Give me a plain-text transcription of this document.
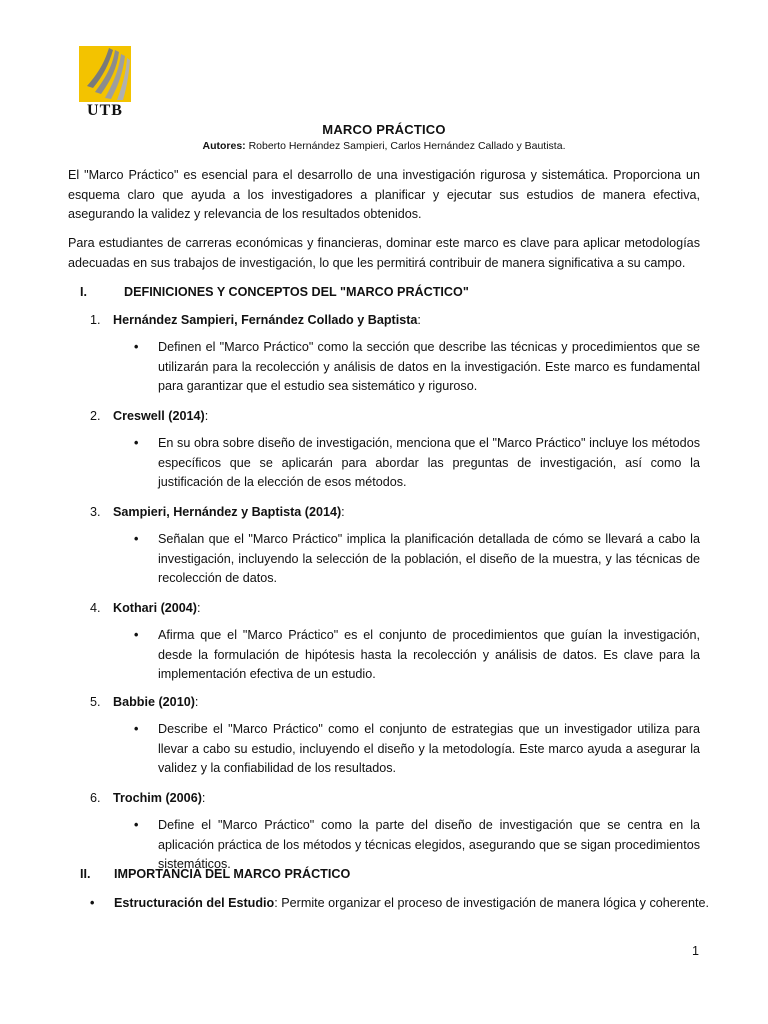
UTB
MARCO PRÁCTICO
Autores: Roberto Hernández Sampieri, Carlos Hernández Callado y Bautista.

El "Marco Práctico" es esencial para el desarrollo de una investigación rigurosa y sistemática. Proporciona un esquema claro que ayuda a los investigadores a planificar y ejecutar sus estudios de manera efectiva, asegurando la validez y relevancia de los resultados obtenidos.

Para estudiantes de carreras económicas y financieras, dominar este marco es clave para aplicar metodologías adecuadas en sus trabajos de investigación, lo que les permitirá contribuir de manera significativa a su campo.

I.	DEFINICIONES Y CONCEPTOS DEL "MARCO PRÁCTICO"
1. Hernández Sampieri, Fernández Collado y Baptista:
• Definen el "Marco Práctico" como la sección que describe las técnicas y procedimientos que se utilizarán para la recolección y análisis de datos en la investigación. Este marco es fundamental para garantizar que el estudio sea sistemático y riguroso.
2. Creswell (2014):
• En su obra sobre diseño de investigación, menciona que el "Marco Práctico" incluye los métodos específicos que se aplicarán para abordar las preguntas de investigación, así como la justificación de la elección de esos métodos.
3. Sampieri, Hernández y Baptista (2014):
• Señalan que el "Marco Práctico" implica la planificación detallada de cómo se llevará a cabo la investigación, incluyendo la selección de la población, el diseño de la muestra, y las técnicas de recolección de datos.
4. Kothari (2004):
• Afirma que el "Marco Práctico" es el conjunto de procedimientos que guían la investigación, desde la formulación de hipótesis hasta la recolección y análisis de datos. Es clave para la implementación efectiva de un estudio.
5. Babbie (2010):
• Describe el "Marco Práctico" como el conjunto de estrategias que un investigador utiliza para llevar a cabo su estudio, incluyendo el diseño y la metodología. Este marco ayuda a asegurar la validez y la confiabilidad de los resultados.
6. Trochim (2006):
• Define el "Marco Práctico" como la parte del diseño de investigación que se centra en la aplicación práctica de los métodos y técnicas elegidos, asegurando que se sigan procedimientos sistemáticos.
II. IMPORTANCIA DEL MARCO PRÁCTICO
• Estructuración del Estudio: Permite organizar el proceso de investigación de manera lógica y coherente.
1
